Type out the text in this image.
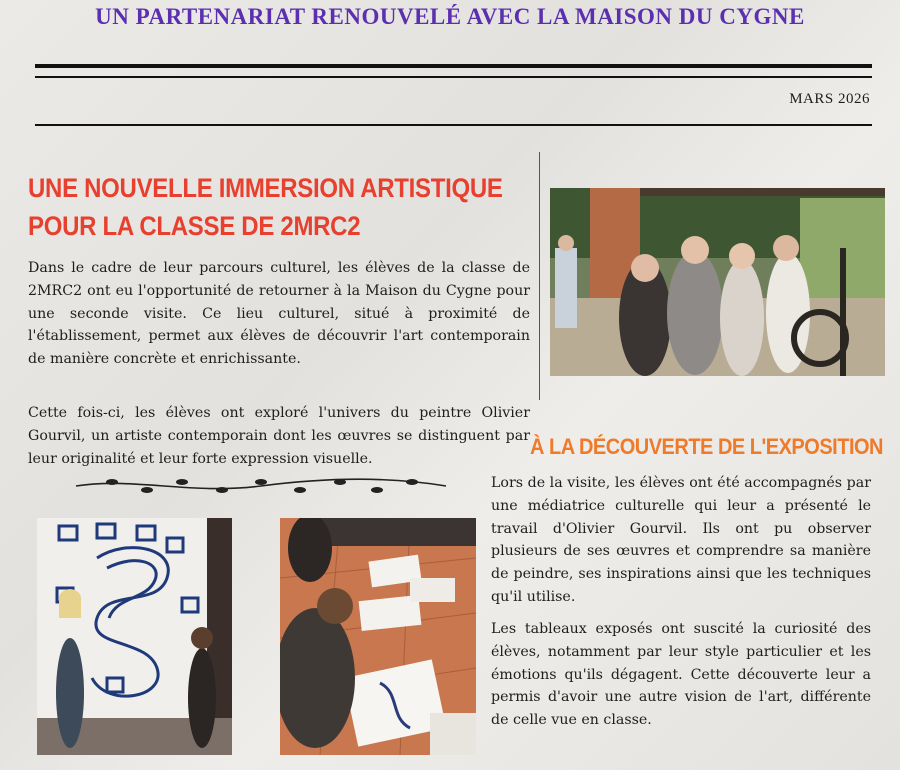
UN PARTENARIAT RENOUVELÉ AVEC LA MAISON DU CYGNE
MARS 2026
UNE NOUVELLE IMMERSION ARTISTIQUE POUR LA CLASSE DE 2MRC2

Dans le cadre de leur parcours culturel, les élèves de la classe de 2MRC2 ont eu l'opportunité de retourner à la Maison du Cygne pour une seconde visite. Ce lieu culturel, situé à proximité de l'établissement, permet aux élèves de découvrir l'art contemporain de manière concrète et enrichissante.

Cette fois-ci, les élèves ont exploré l'univers du peintre Olivier Gourvil, un artiste contemporain dont les œuvres se distinguent par leur originalité et leur forte expression visuelle.	À LA DÉCOUVERTE DE L'EXPOSITION

Lors de la visite, les élèves ont été accompagnés par une médiatrice culturelle qui leur a présenté le travail d'Olivier Gourvil. Ils ont pu observer plusieurs de ses œuvres et comprendre sa manière de peindre, ses inspirations ainsi que les techniques qu'il utilise.

Les tableaux exposés ont suscité la curiosité des élèves, notamment par leur style particulier et les émotions qu'ils dégagent. Cette découverte leur a permis d'avoir une autre vision de l'art, différente de celle vue en classe.
